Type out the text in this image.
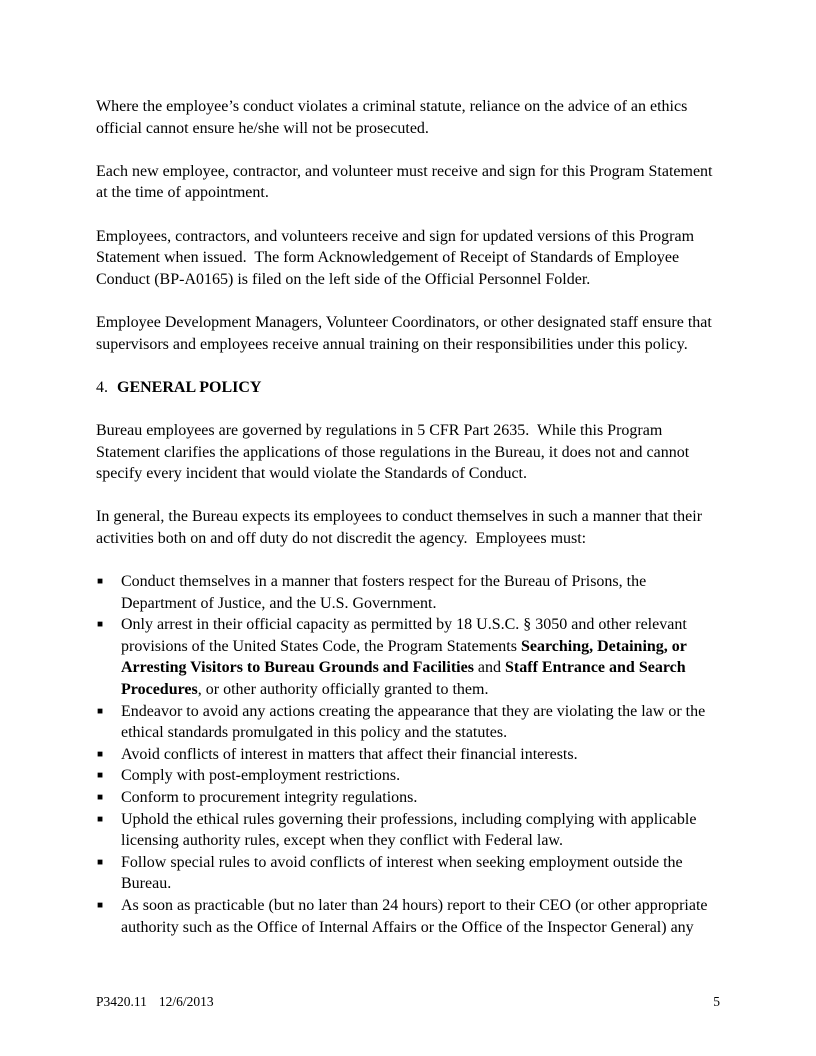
Where the employee’s conduct violates a criminal statute, reliance on the advice of an ethics official cannot ensure he/she will not be prosecuted.

Each new employee, contractor, and volunteer must receive and sign for this Program Statement at the time of appointment.

Employees, contractors, and volunteers receive and sign for updated versions of this Program Statement when issued.  The form Acknowledgement of Receipt of Standards of Employee Conduct (BP-A0165) is filed on the left side of the Official Personnel Folder.

Employee Development Managers, Volunteer Coordinators, or other designated staff ensure that supervisors and employees receive annual training on their responsibilities under this policy.

4. GENERAL POLICY

Bureau employees are governed by regulations in 5 CFR Part 2635.  While this Program Statement clarifies the applications of those regulations in the Bureau, it does not and cannot specify every incident that would violate the Standards of Conduct.

In general, the Bureau expects its employees to conduct themselves in such a manner that their activities both on and off duty do not discredit the agency.  Employees must:

■ Conduct themselves in a manner that fosters respect for the Bureau of Prisons, the Department of Justice, and the U.S. Government.
■ Only arrest in their official capacity as permitted by 18 U.S.C. § 3050 and other relevant provisions of the United States Code, the Program Statements Searching, Detaining, or Arresting Visitors to Bureau Grounds and Facilities and Staff Entrance and Search Procedures, or other authority officially granted to them.
■ Endeavor to avoid any actions creating the appearance that they are violating the law or the ethical standards promulgated in this policy and the statutes.
■ Avoid conflicts of interest in matters that affect their financial interests.
■ Comply with post-employment restrictions.
■ Conform to procurement integrity regulations.
■ Uphold the ethical rules governing their professions, including complying with applicable licensing authority rules, except when they conflict with Federal law.
■ Follow special rules to avoid conflicts of interest when seeking employment outside the Bureau.
■ As soon as practicable (but no later than 24 hours) report to their CEO (or other appropriate authority such as the Office of Internal Affairs or the Office of the Inspector General) any
P3420.11 12/6/2013	5
